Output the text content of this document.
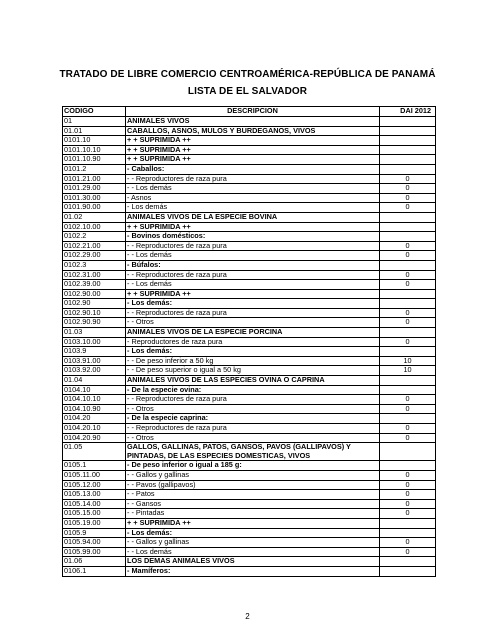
TRATADO DE LIBRE COMERCIO CENTROAMÉRICA-REPÚBLICA DE PANAMÁ
LISTA DE EL SALVADOR
CODIGO	DESCRIPCION	DAI 2012
01	ANIMALES VIVOS	
01.01	CABALLOS, ASNOS, MULOS Y BURDEGANOS, VIVOS	
0101.10	+ + SUPRIMIDA ++	
0101.10.10	+ + SUPRIMIDA ++	
0101.10.90	+ + SUPRIMIDA ++	
0101.2	- Caballos:	
0101.21.00	- - Reproductores de raza pura	0
0101.29.00	- - Los demás	0
0101.30.00	- Asnos	0
0101.90.00	- Los demás	0
01.02	ANIMALES VIVOS DE LA ESPECIE BOVINA	
0102.10.00	+ + SUPRIMIDA ++	
0102.2	- Bovinos domésticos:	
0102.21.00	- - Reproductores de raza pura	0
0102.29.00	- - Los demás	0
0102.3	- Búfalos:	
0102.31.00	- - Reproductores de raza pura	0
0102.39.00	- - Los demás	0
0102.90.00	+ + SUPRIMIDA ++	
0102.90	- Los demás:	
0102.90.10	- - Reproductores de raza pura	0
0102.90.90	- - Otros	0
01.03	ANIMALES VIVOS DE LA ESPECIE PORCINA	
0103.10.00	- Reproductores de raza pura	0
0103.9	- Los demás:	
0103.91.00	- - De peso inferior a 50 kg	10
0103.92.00	- - De peso superior o igual a 50 kg	10
01.04	ANIMALES VIVOS DE LAS ESPECIES OVINA O CAPRINA	
0104.10	- De la especie ovina:	
0104.10.10	- - Reproductores de raza pura	0
0104.10.90	- - Otros	0
0104.20	- De la especie caprina:	
0104.20.10	- - Reproductores de raza pura	0
0104.20.90	- - Otros	0
01.05	GALLOS, GALLINAS, PATOS, GANSOS, PAVOS (GALLIPAVOS) Y PINTADAS, DE LAS ESPECIES DOMESTICAS, VIVOS	
0105.1	- De peso inferior o igual a 185 g:	
0105.11.00	- - Gallos y gallinas	0
0105.12.00	- - Pavos (gallipavos)	0
0105.13.00	- - Patos	0
0105.14.00	- - Gansos	0
0105.15.00	- - Pintadas	0
0105.19.00	+ + SUPRIMIDA ++	
0105.9	- Los demás:	
0105.94.00	- - Gallos y gallinas	0
0105.99.00	- - Los demás	0
01.06	LOS DEMAS ANIMALES VIVOS	
0106.1	- Mamíferos:	
2
